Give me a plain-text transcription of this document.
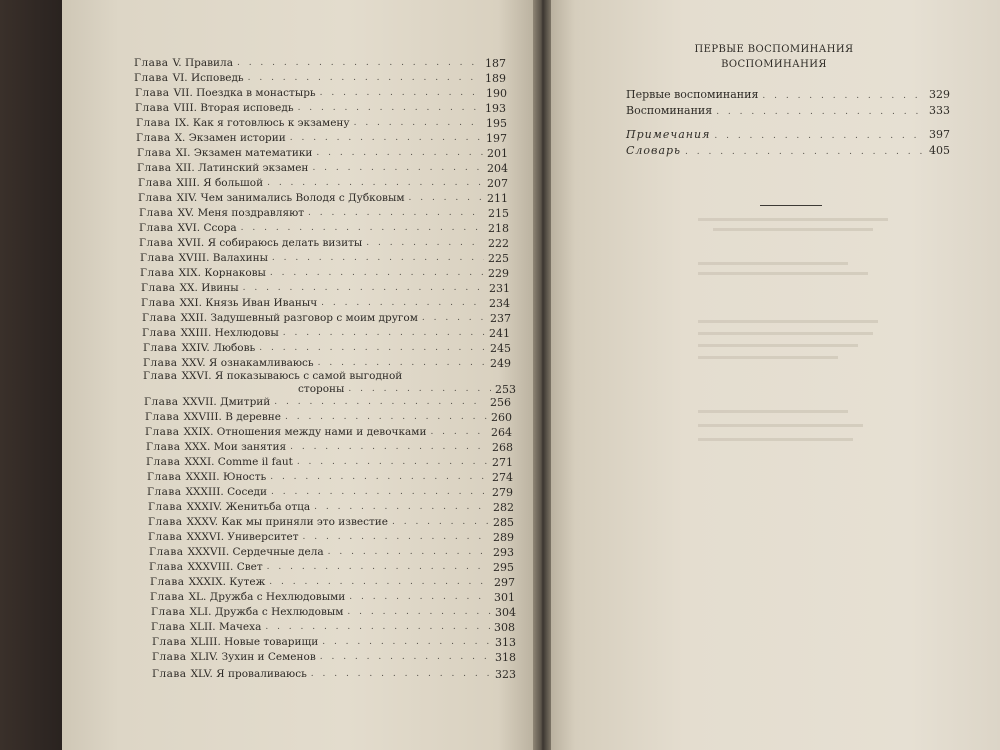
Глава V. Правила . . .	187
Глава VI. Исповедь . . .	189
Глава VII. Поездка в монастырь . . .	190
Глава VIII. Вторая исповедь . . .	193
Глава IX. Как я готовлюсь к экзамену . . .	195
Глава X. Экзамен истории . . .	197
Глава XI. Экзамен математики . . .	201
Глава XII. Латинский экзамен . . .	204
Глава XIII. Я большой . . .	207
Глава XIV. Чем занимались Володя с Дубковым . . .	211
Глава XV. Меня поздравляют . . .	215
Глава XVI. Ссора . . .	218
Глава XVII. Я собираюсь делать визиты . . .	222
Глава XVIII. Валахины . . .	225
Глава XIX. Корнаковы . . .	229
Глава XX. Ивины . . .	231
Глава XXI. Князь Иван Иваныч . . .	234
Глава XXII. Задушевный разговор с моим другом . . .	237
Глава XXIII. Нехлюдовы . . .	241
Глава XXIV. Любовь . . .	245
Глава XXV. Я ознакамливаюсь . . .	249
Глава XXVI. Я показываюсь с самой выгодной
стороны . . .	253
Глава XXVII. Дмитрий . . .	256
Глава XXVIII. В деревне . . .	260
Глава XXIX. Отношения между нами и девочками . . .	264
Глава XXX. Мои занятия . . .	268
Глава XXXI. Comme il faut . . .	271
Глава XXXII. Юность . . .	274
Глава XXXIII. Соседи . . .	279
Глава XXXIV. Женитьба отца . . .	282
Глава XXXV. Как мы приняли это известие . . .	285
Глава XXXVI. Университет . . .	289
Глава XXXVII. Сердечные дела . . .	293
Глава XXXVIII. Свет . . .	295
Глава XXXIX. Кутеж . . .	297
Глава XL. Дружба с Нехлюдовыми . . .	301
Глава XLI. Дружба с Нехлюдовым . . .	304
Глава XLII. Мачеха . . .	308
Глава XLIII. Новые товарищи . . .	313
Глава XLIV. Зухин и Семенов . . .	318
Глава XLV. Я проваливаюсь . . .	323
ПЕРВЫЕ ВОСПОМИНАНИЯ
ВОСПОМИНАНИЯ
Первые воспоминания . . .	329
Воспоминания . . .	333
Примечания . . .	397
Словарь . . .	405
